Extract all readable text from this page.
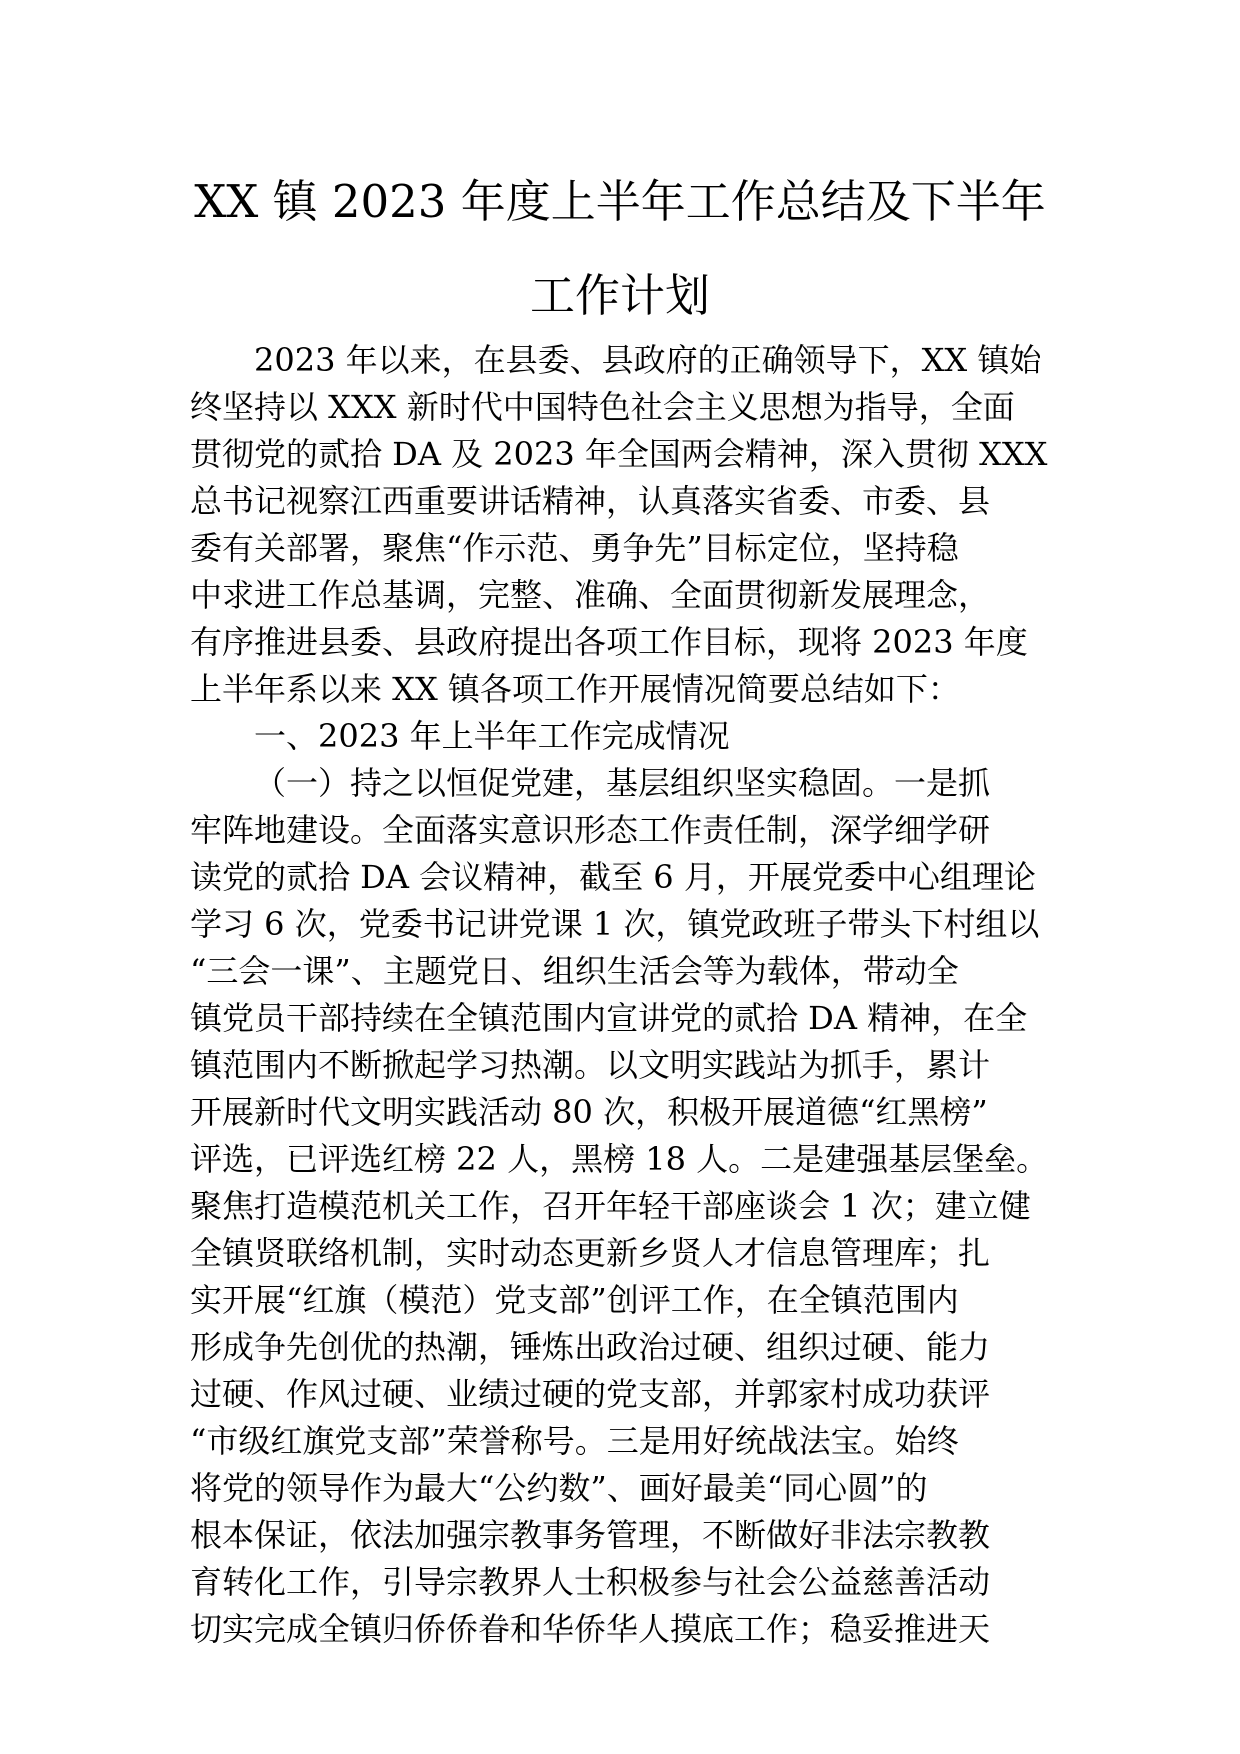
XX 镇 2023 年度上半年工作总结及下半年
工作计划
2023 年以来，在县委、县政府的正确领导下，XX 镇始
终坚持以 XXX 新时代中国特色社会主义思想为指导，全面
贯彻党的贰拾 DA 及 2023 年全国两会精神，深入贯彻 XXX
总书记视察江西重要讲话精神，认真落实省委、市委、县
委有关部署，聚焦“作示范、勇争先”目标定位，坚持稳
中求进工作总基调，完整、准确、全面贯彻新发展理念，
有序推进县委、县政府提出各项工作目标，现将 2023 年度
上半年系以来 XX 镇各项工作开展情况简要总结如下：
一、2023 年上半年工作完成情况
（一）持之以恒促党建，基层组织坚实稳固。一是抓
牢阵地建设。全面落实意识形态工作责任制，深学细学研
读党的贰拾 DA 会议精神，截至 6 月，开展党委中心组理论
学习 6 次，党委书记讲党课 1 次，镇党政班子带头下村组以
“三会一课”、主题党日、组织生活会等为载体，带动全
镇党员干部持续在全镇范围内宣讲党的贰拾 DA 精神，在全
镇范围内不断掀起学习热潮。以文明实践站为抓手，累计
开展新时代文明实践活动 80 次，积极开展道德“红黑榜”
评选，已评选红榜 22 人，黑榜 18 人。二是建强基层堡垒。
聚焦打造模范机关工作，召开年轻干部座谈会 1 次；建立健
全镇贤联络机制，实时动态更新乡贤人才信息管理库；扎
实开展“红旗（模范）党支部”创评工作，在全镇范围内
形成争先创优的热潮，锤炼出政治过硬、组织过硬、能力
过硬、作风过硬、业绩过硬的党支部，并郭家村成功获评
“市级红旗党支部”荣誉称号。三是用好统战法宝。始终
将党的领导作为最大“公约数”、画好最美“同心圆”的
根本保证，依法加强宗教事务管理，不断做好非法宗教教
育转化工作，引导宗教界人士积极参与社会公益慈善活动
切实完成全镇归侨侨眷和华侨华人摸底工作；稳妥推进天
